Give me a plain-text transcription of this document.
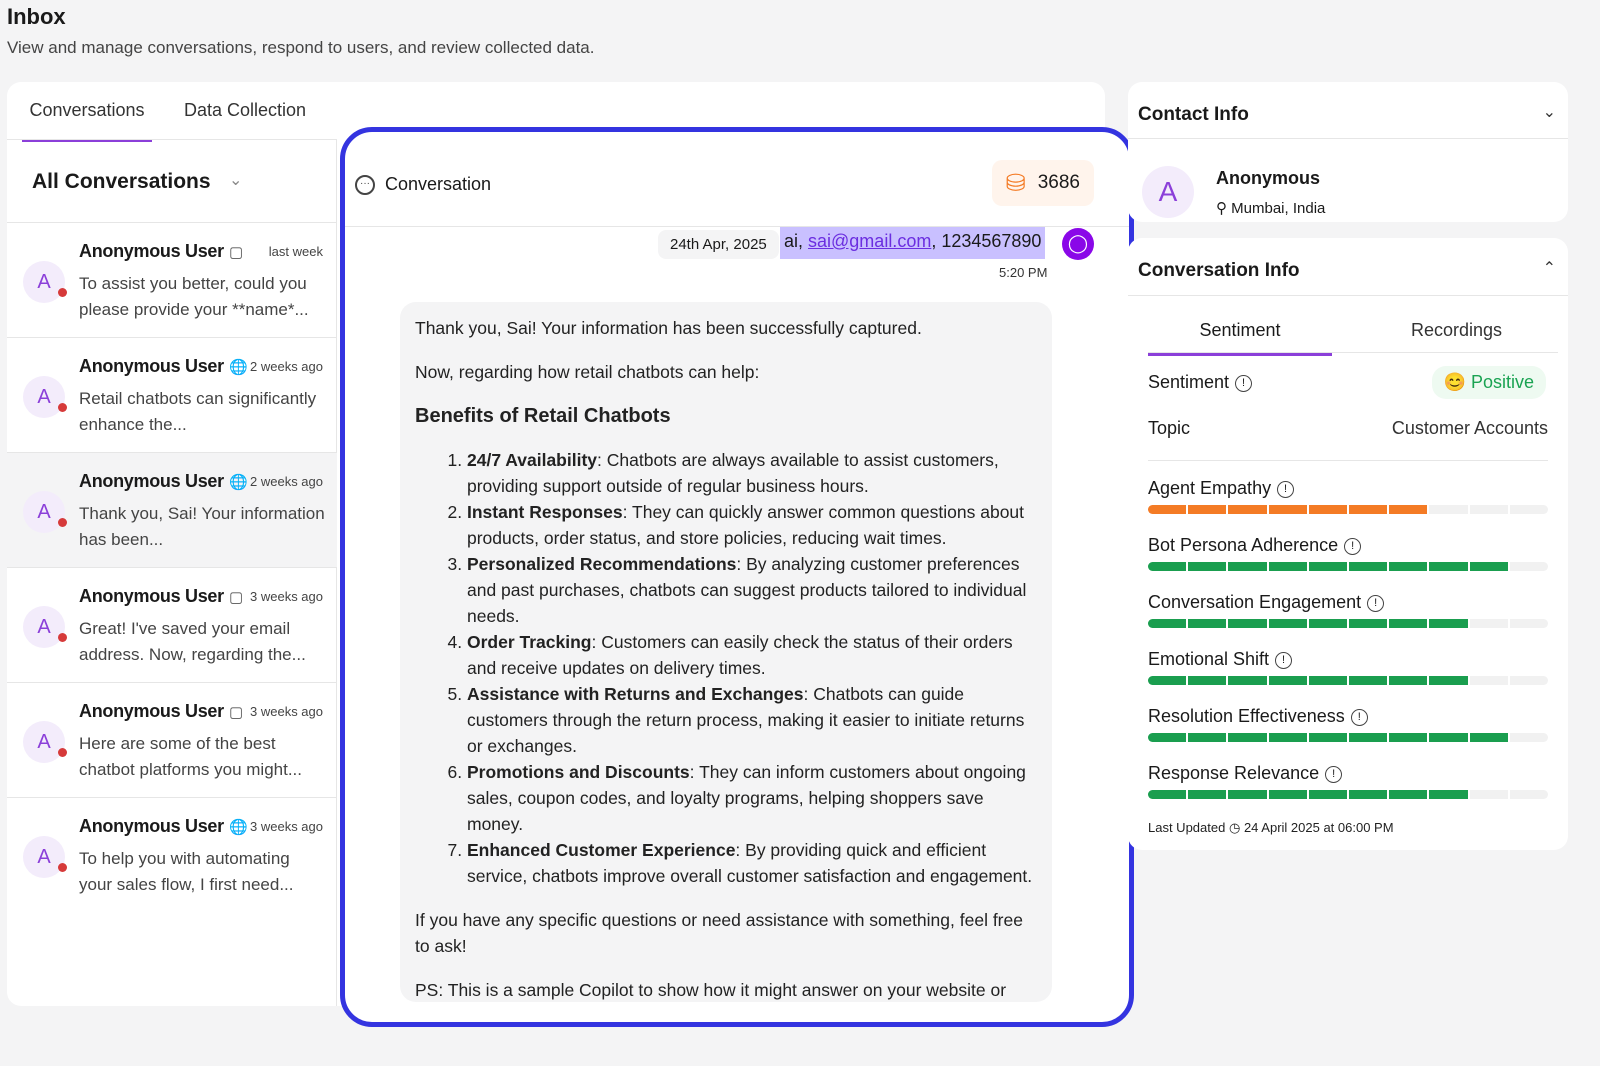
Inbox
View and manage conversations, respond to users, and review collected data.
Conversations	Data Collection
All Conversations ⌄
A
Anonymous User ▢ last week
To assist you better, could you please provide your **name*...
A
Anonymous User 🌐 2 weeks ago
Retail chatbots can significantly enhance the...
A
Anonymous User 🌐 2 weeks ago
Thank you, Sai! Your information has been...
A
Anonymous User ▢ 3 weeks ago
Great! I've saved your email address. Now, regarding the...
A
Anonymous User ▢ 3 weeks ago
Here are some of the best chatbot platforms you might...
A
Anonymous User 🌐 3 weeks ago
To help you with automating your sales flow, I first need...
··· Conversation	⛁ 3686
ai, sai@gmail.com, 1234567890
24th Apr, 2025	◯
5:20 PM

Thank you, Sai! Your information has been successfully captured.

Now, regarding how retail chatbots can help:

Benefits of Retail Chatbots
1. 24/7 Availability: Chatbots are always available to assist customers, providing support outside of regular business hours.
2. Instant Responses: They can quickly answer common questions about products, order status, and store policies, reducing wait times.
3. Personalized Recommendations: By analyzing customer preferences and past purchases, chatbots can suggest products tailored to individual needs.
4. Order Tracking: Customers can easily check the status of their orders and receive updates on delivery times.
5. Assistance with Returns and Exchanges: Chatbots can guide customers through the return process, making it easier to initiate returns or exchanges.
6. Promotions and Discounts: They can inform customers about ongoing sales, coupon codes, and loyalty programs, helping shoppers save money.
7. Enhanced Customer Experience: By providing quick and efficient service, chatbots improve overall customer satisfaction and engagement.

If you have any specific questions or need assistance with something, feel free to ask!

PS: This is a sample Copilot to show how it might answer on your website or

Contact Info	⌄
A	Anonymous
⚲ Mumbai, India
Conversation Info	⌃
Sentiment	Recordings
Sentiment !	😊 Positive
Topic	Customer Accounts
Agent Empathy !
Bot Persona Adherence !
Conversation Engagement !
Emotional Shift !
Resolution Effectiveness !
Response Relevance !
Last Updated ◷ 24 April 2025 at 06:00 PM
